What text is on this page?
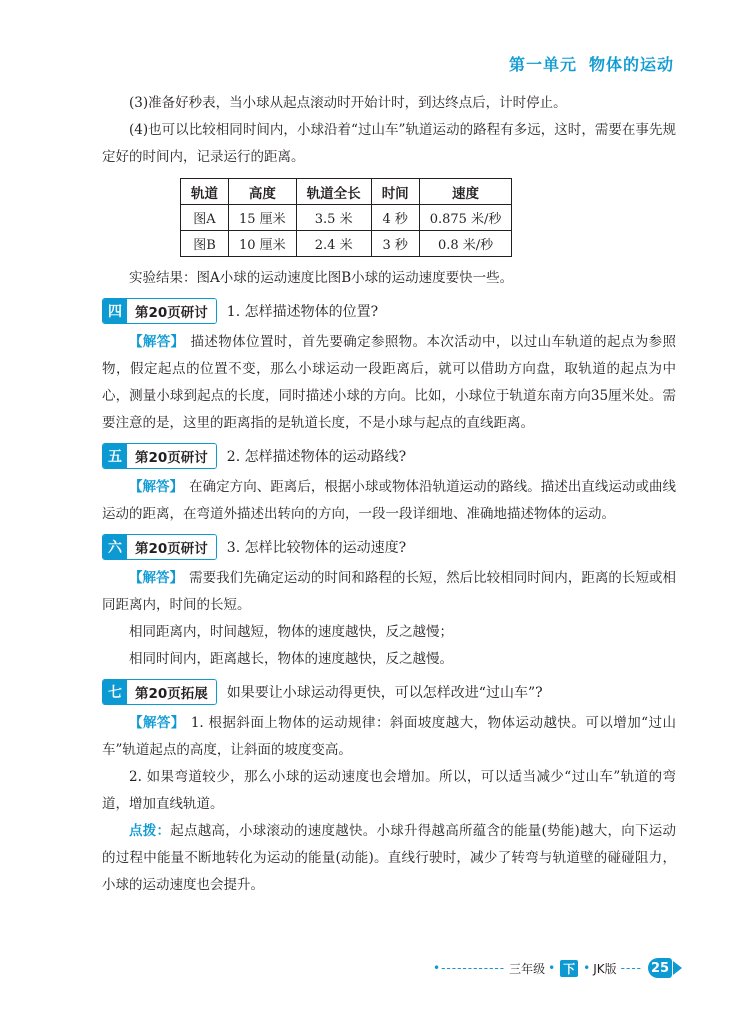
第一单元 物体的运动

(3)准备好秒表，当小球从起点滚动时开始计时，到达终点后，计时停止。

(4)也可以比较相同时间内，小球沿着“过山车”轨道运动的路程有多远，这时，需要在事先规定好的时间内，记录运行的距离。

轨道	高度	轨道全长	时间	速度
图A	15 厘米	3.5 米	4 秒	0.875 米/秒
图B	10 厘米	2.4 米	3 秒	0.8 米/秒

实验结果：图A小球的运动速度比图B小球的运动速度要快一些。

四 第20页研讨	1. 怎样描述物体的位置?

【解答】 描述物体位置时，首先要确定参照物。本次活动中，以过山车轨道的起点为参照物，假定起点的位置不变，那么小球运动一段距离后，就可以借助方向盘，取轨道的起点为中心，测量小球到起点的长度，同时描述小球的方向。比如，小球位于轨道东南方向35厘米处。需要注意的是，这里的距离指的是轨道长度，不是小球与起点的直线距离。

五 第20页研讨	2. 怎样描述物体的运动路线?

【解答】 在确定方向、距离后，根据小球或物体沿轨道运动的路线。描述出直线运动或曲线运动的距离，在弯道外描述出转向的方向，一段一段详细地、准确地描述物体的运动。

六 第20页研讨	3. 怎样比较物体的运动速度?

【解答】 需要我们先确定运动的时间和路程的长短，然后比较相同时间内，距离的长短或相同距离内，时间的长短。

相同距离内，时间越短，物体的速度越快，反之越慢；

相同时间内，距离越长，物体的速度越快，反之越慢。

七 第20页拓展	如果要让小球运动得更快，可以怎样改进“过山车”?

【解答】 1. 根据斜面上物体的运动规律：斜面坡度越大，物体运动越快。可以增加“过山车”轨道起点的高度，让斜面的坡度变高。

2. 如果弯道较少，那么小球的运动速度也会增加。所以，可以适当减少“过山车”轨道的弯道，增加直线轨道。

点拨：起点越高，小球滚动的速度越快。小球升得越高所蕴含的能量(势能)越大，向下运动的过程中能量不断地转化为运动的能量(动能)。直线行驶时，减少了转弯与轨道壁的碰碰阻力，小球的运动速度也会提升。

•------------ 三年级 • 下 • JK版 ---- 25
